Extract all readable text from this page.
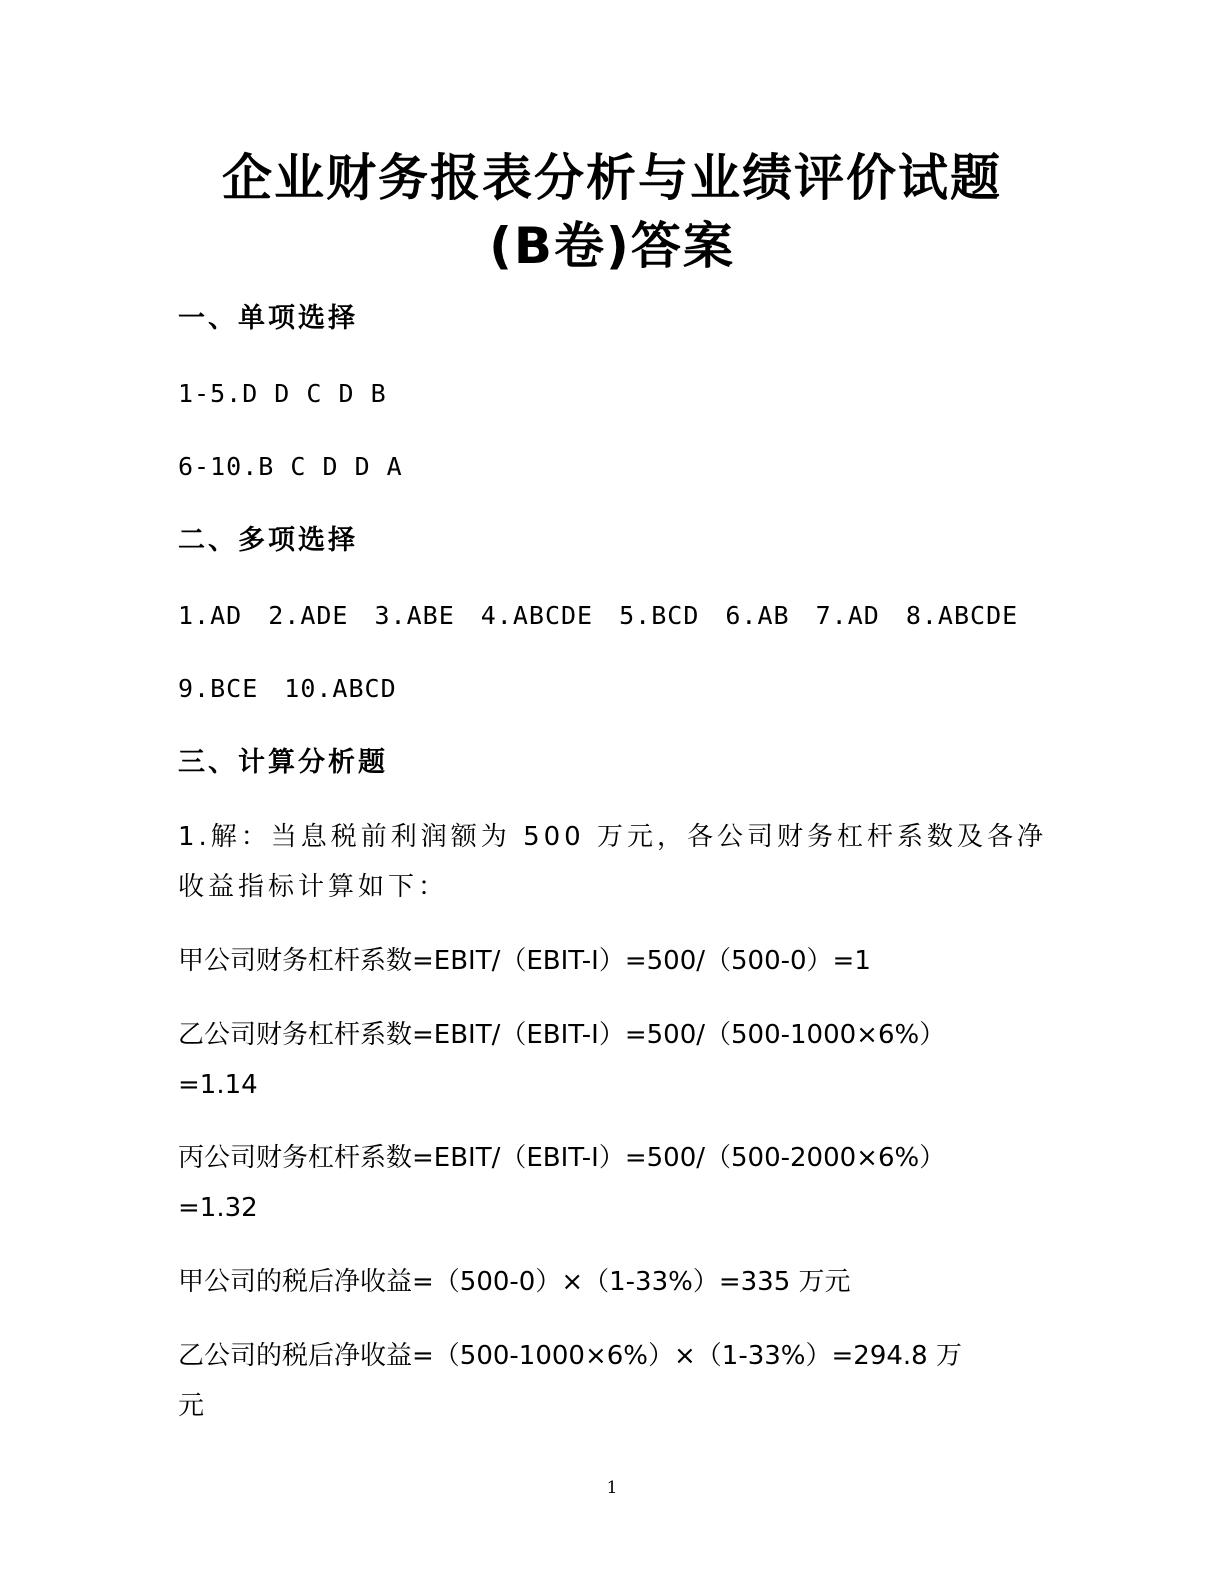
企业财务报表分析与业绩评价试题
(B卷)答案
一、单项选择
1-5.D D C D B
6-10.B C D D A
二、多项选择
1.AD 2.ADE 3.ABE 4.ABCDE 5.BCD 6.AB 7.AD 8.ABCDE
9.BCE 10.ABCD
三、计算分析题
1.解：当息税前利润额为 500 万元，各公司财务杠杆系数及各净
收益指标计算如下：
甲公司财务杠杆系数=EBIT/（EBIT-I）=500/（500-0）=1
乙公司财务杠杆系数=EBIT/（EBIT-I）=500/（500-1000×6%）
=1.14
丙公司财务杠杆系数=EBIT/（EBIT-I）=500/（500-2000×6%）
=1.32
甲公司的税后净收益=（500-0）×（1-33%）=335 万元
乙公司的税后净收益=（500-1000×6%）×（1-33%）=294.8 万
元
1
